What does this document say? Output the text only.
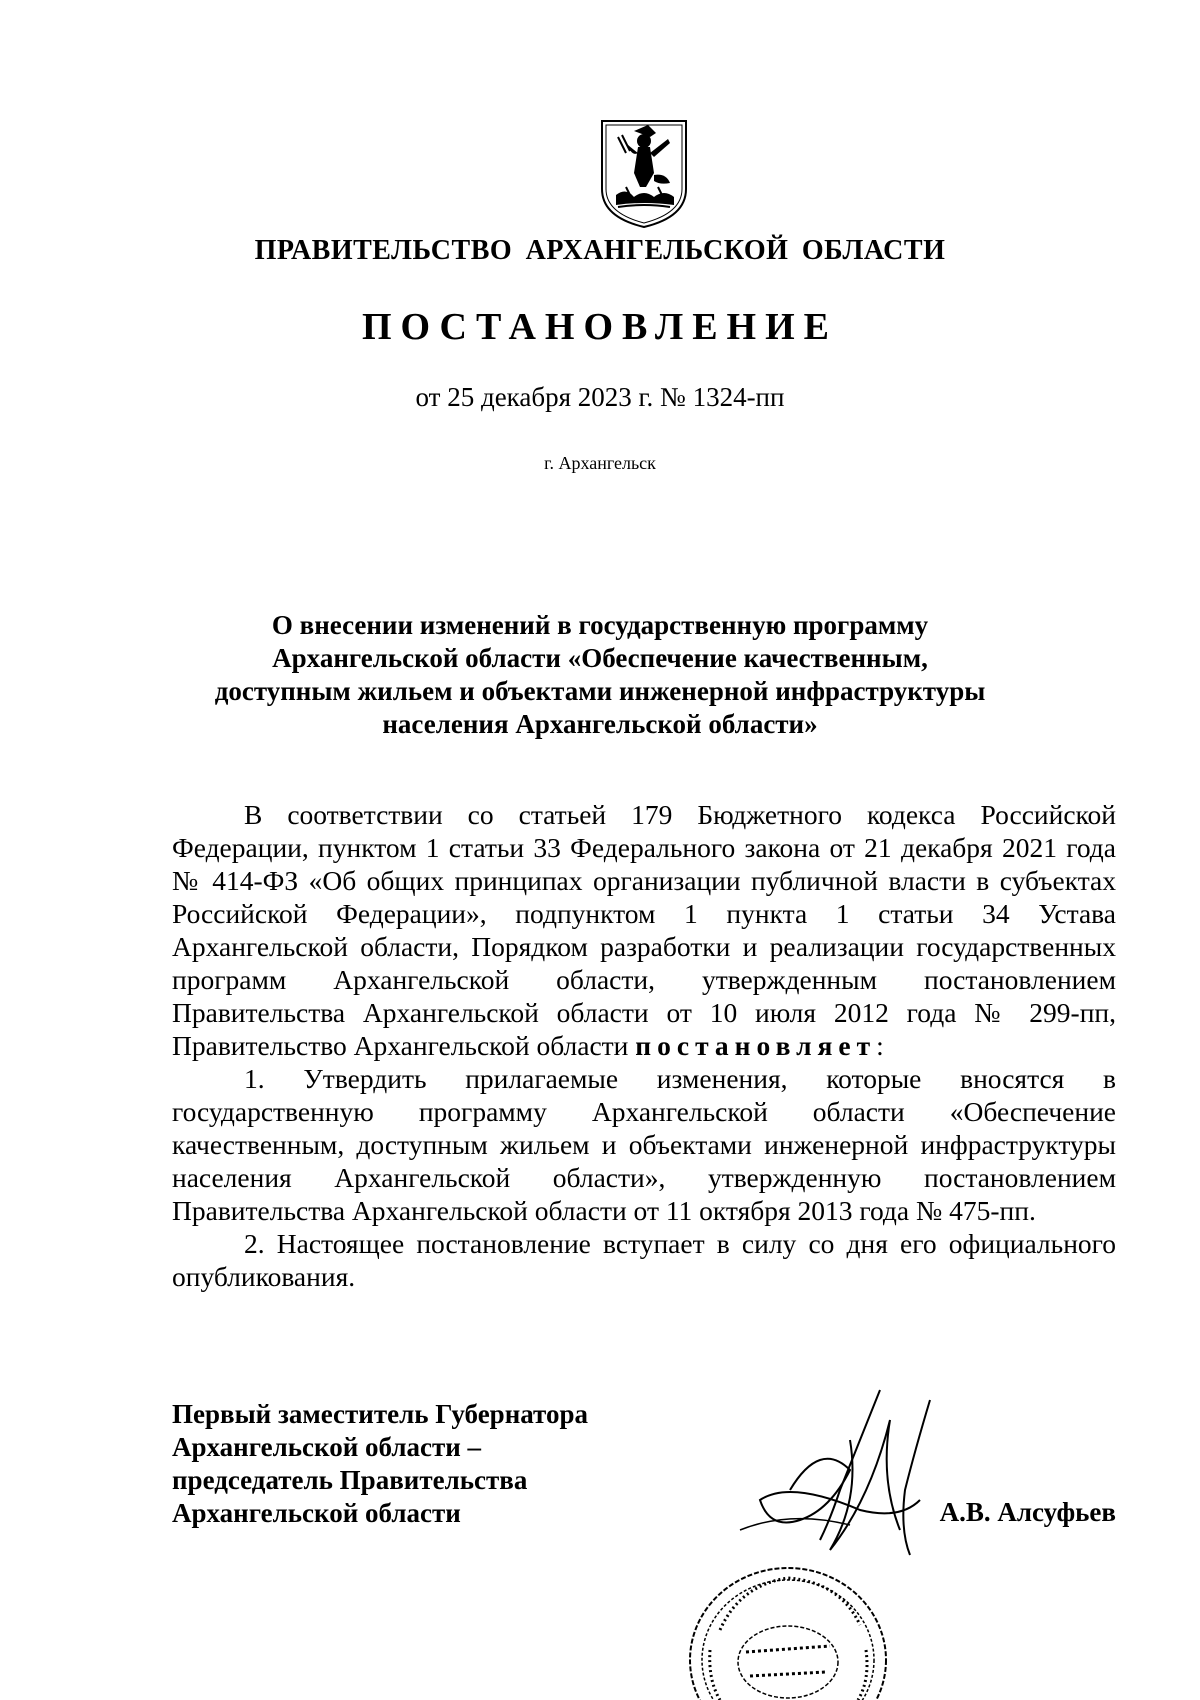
ПРАВИТЕЛЬСТВО АРХАНГЕЛЬСКОЙ ОБЛАСТИ
ПОСТАНОВЛЕНИЕ
от 25 декабря 2023 г. № 1324-пп
г. Архангельск
О внесении изменений в государственную программу
Архангельской области «Обеспечение качественным,
доступным жильем и объектами инженерной инфраструктуры
населения Архангельской области»

В соответствии со статьей 179 Бюджетного кодекса Российской Федерации, пунктом 1 статьи 33 Федерального закона от 21 декабря 2021 года № 414-ФЗ «Об общих принципах организации публичной власти в субъектах Российской Федерации», подпунктом 1 пункта 1 статьи 34 Устава Архангельской области, Порядком разработки и реализации государственных программ Архангельской области, утвержденным постановлением Правительства Архангельской области от 10 июля 2012 года № 299-пп, Правительство Архангельской области постановляет:

1. Утвердить прилагаемые изменения, которые вносятся в государственную программу Архангельской области «Обеспечение качественным, доступным жильем и объектами инженерной инфраструктуры населения Архангельской области», утвержденную постановлением Правительства Архангельской области от 11 октября 2013 года № 475-пп.

2. Настоящее постановление вступает в силу со дня его официального опубликования.

Первый заместитель Губернатора
Архангельской области –
председатель Правительства
Архангельской области	А.В. Алсуфьев
